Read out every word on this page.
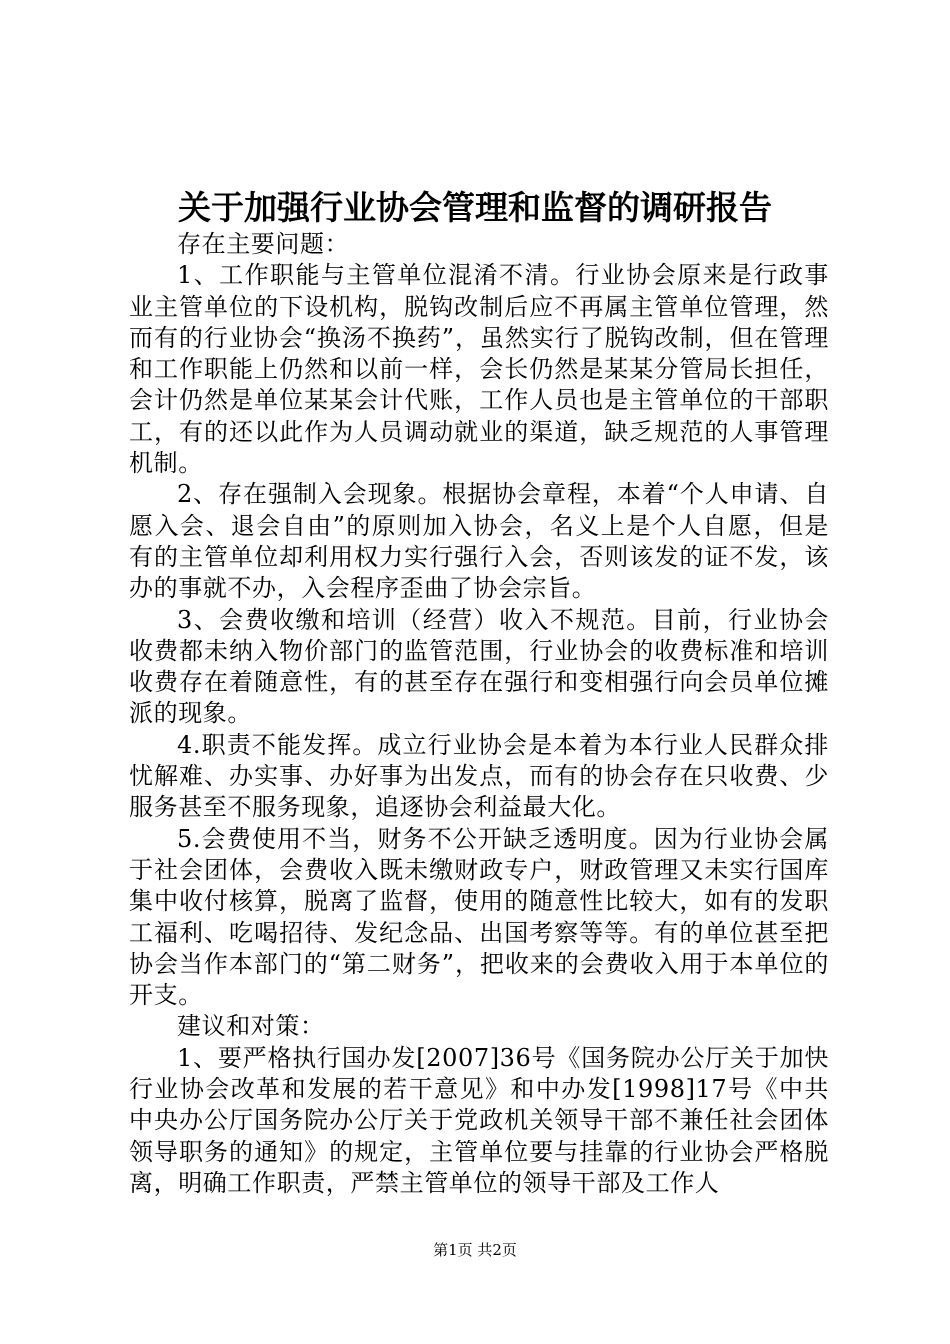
关于加强行业协会管理和监督的调研报告

存在主要问题：

1、工作职能与主管单位混淆不清。行业协会原来是行政事业主管单位的下设机构，脱钩改制后应不再属主管单位管理，然而有的行业协会“换汤不换药”，虽然实行了脱钩改制，但在管理和工作职能上仍然和以前一样，会长仍然是某某分管局长担任，会计仍然是单位某某会计代账，工作人员也是主管单位的干部职工，有的还以此作为人员调动就业的渠道，缺乏规范的人事管理机制。

2、存在强制入会现象。根据协会章程，本着“个人申请、自愿入会、退会自由”的原则加入协会，名义上是个人自愿，但是有的主管单位却利用权力实行强行入会，否则该发的证不发，该办的事就不办，入会程序歪曲了协会宗旨。

3、会费收缴和培训（经营）收入不规范。目前，行业协会收费都未纳入物价部门的监管范围，行业协会的收费标准和培训收费存在着随意性，有的甚至存在强行和变相强行向会员单位摊派的现象。

4.职责不能发挥。成立行业协会是本着为本行业人民群众排忧解难、办实事、办好事为出发点，而有的协会存在只收费、少服务甚至不服务现象，追逐协会利益最大化。

5.会费使用不当，财务不公开缺乏透明度。因为行业协会属于社会团体，会费收入既未缴财政专户，财政管理又未实行国库集中收付核算，脱离了监督，使用的随意性比较大，如有的发职工福利、吃喝招待、发纪念品、出国考察等等。有的单位甚至把协会当作本部门的“第二财务”，把收来的会费收入用于本单位的开支。

建议和对策：

1、要严格执行国办发[2007]36号《国务院办公厅关于加快行业协会改革和发展的若干意见》和中办发[1998]17号《中共中央办公厅国务院办公厅关于党政机关领导干部不兼任社会团体领导职务的通知》的规定，主管单位要与挂靠的行业协会严格脱离，明确工作职责，严禁主管单位的领导干部及工作人

第1页 共2页
